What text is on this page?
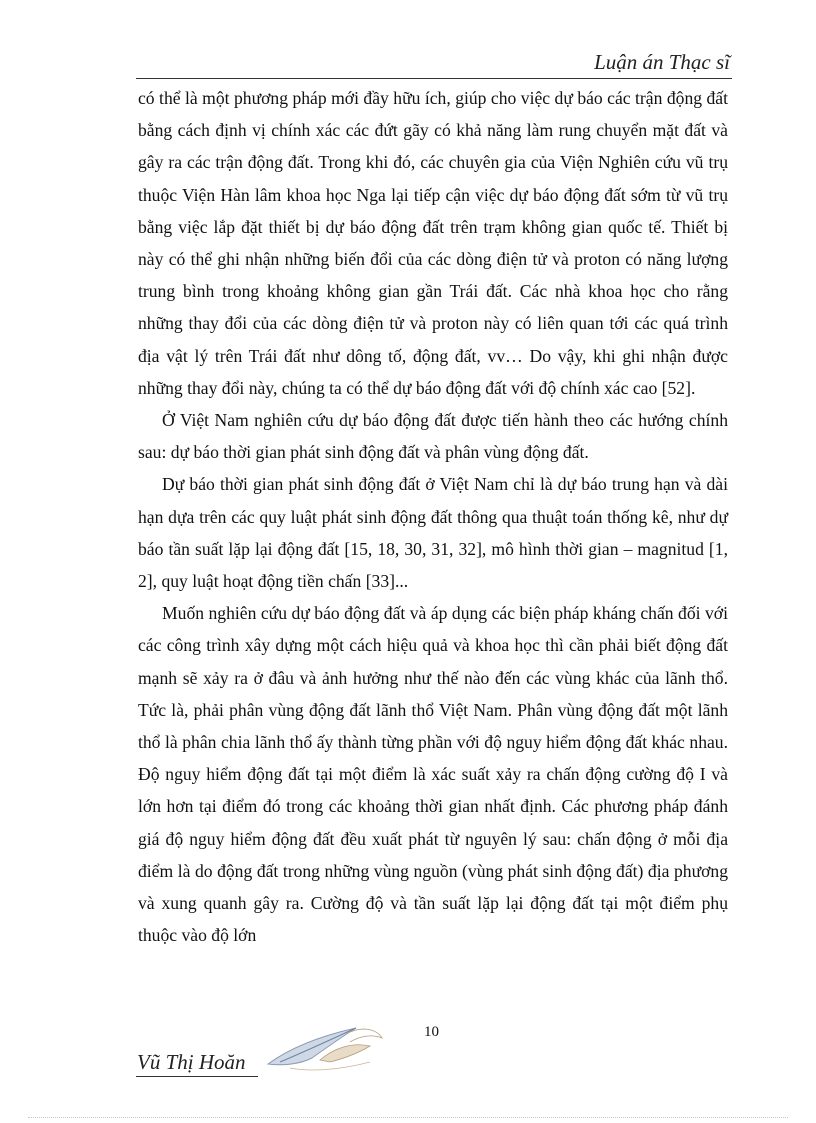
Luận án Thạc sĩ

có thể là một phương pháp mới đầy hữu ích, giúp cho việc dự báo các trận động đất bằng cách định vị chính xác các đứt gãy có khả năng làm rung chuyển mặt đất và gây ra các trận động đất. Trong khi đó, các chuyên gia của Viện Nghiên cứu vũ trụ thuộc Viện Hàn lâm khoa học Nga lại tiếp cận việc dự báo động đất sớm từ vũ trụ bằng việc lắp đặt thiết bị dự báo động đất trên trạm không gian quốc tế. Thiết bị này có thể ghi nhận những biến đổi của các dòng điện tử và proton có năng lượng trung bình trong khoảng không gian gần Trái đất. Các nhà khoa học cho rằng những thay đổi của các dòng điện tử và proton này có liên quan tới các quá trình địa vật lý trên Trái đất như dông tố, động đất, vv… Do vậy, khi ghi nhận được những thay đổi này, chúng ta có thể dự báo động đất với độ chính xác cao [52].

Ở Việt Nam nghiên cứu dự báo động đất được tiến hành theo các hướng chính sau: dự báo thời gian phát sinh động đất và phân vùng động đất.

Dự báo thời gian phát sinh động đất ở Việt Nam chỉ là dự báo trung hạn và dài hạn dựa trên các quy luật phát sinh động đất thông qua thuật toán thống kê, như dự báo tần suất lặp lại động đất [15, 18, 30, 31, 32], mô hình thời gian – magnitud [1, 2], quy luật hoạt động tiền chấn [33]...

Muốn nghiên cứu dự báo động đất và áp dụng các biện pháp kháng chấn đối với các công trình xây dựng một cách hiệu quả và khoa học thì cần phải biết động đất mạnh sẽ xảy ra ở đâu và ảnh hưởng như thế nào đến các vùng khác của lãnh thổ. Tức là, phải phân vùng động đất lãnh thổ Việt Nam. Phân vùng động đất một lãnh thổ là phân chia lãnh thổ ấy thành từng phần với độ nguy hiểm động đất khác nhau. Độ nguy hiểm động đất tại một điểm là xác suất xảy ra chấn động cường độ I và lớn hơn tại điểm đó trong các khoảng thời gian nhất định. Các phương pháp đánh giá độ nguy hiểm động đất đều xuất phát từ nguyên lý sau: chấn động ở mỗi địa điểm là do động đất trong những vùng nguồn (vùng phát sinh động đất) địa phương và xung quanh gây ra. Cường độ và tần suất lặp lại động đất tại một điểm phụ thuộc vào độ lớn

10
Vũ Thị Hoăn
